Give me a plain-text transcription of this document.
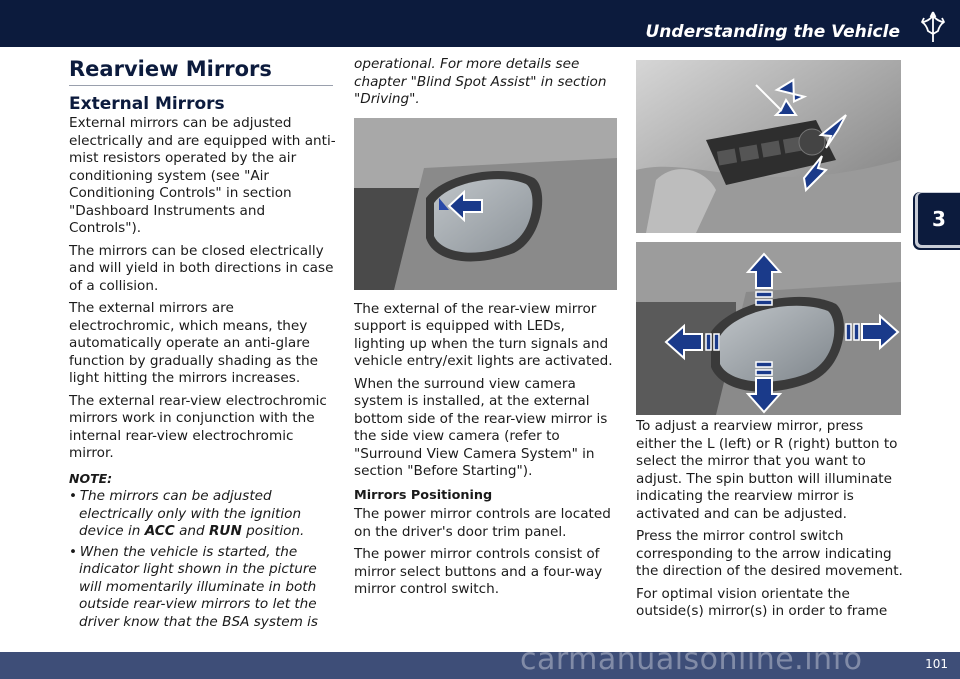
Understanding the Vehicle
3
Rearview Mirrors
External Mirrors

External mirrors can be adjusted electrically and are equipped with anti-mist resistors operated by the air conditioning system (see "Air Conditioning Controls" in section "Dashboard Instruments and Controls").

The mirrors can be closed electrically and will yield in both directions in case of a collision.

The external mirrors are electrochromic, which means, they automatically operate an anti-glare function by gradually shading as the light hitting the mirrors increases.

The external rear-view electrochromic mirrors work in conjunction with the internal rear-view electrochromic mirror.

NOTE:
• The mirrors can be adjusted electrically only with the ignition device in ACC and RUN position.
• When the vehicle is started, the indicator light shown in the picture will momentarily illuminate in both outside rear-view mirrors to let the driver know that the BSA system is

operational. For more details see chapter "Blind Spot Assist" in section "Driving".

The external of the rear-view mirror support is equipped with LEDs, lighting up when the turn signals and vehicle entry/exit lights are activated.

When the surround view camera system is installed, at the external bottom side of the rear-view mirror is the side view camera (refer to "Surround View Camera System" in section "Before Starting").

Mirrors Positioning

The power mirror controls are located on the driver's door trim panel.

The power mirror controls consist of mirror select buttons and a four-way mirror control switch.

To adjust a rearview mirror, press either the L (left) or R (right) button to select the mirror that you want to adjust. The spin button will illuminate indicating the rearview mirror is activated and can be adjusted.

Press the mirror control switch corresponding to the arrow indicating the direction of the desired movement.

For optimal vision orientate the outside(s) mirror(s) in order to frame

101
carmanualsonline.info
